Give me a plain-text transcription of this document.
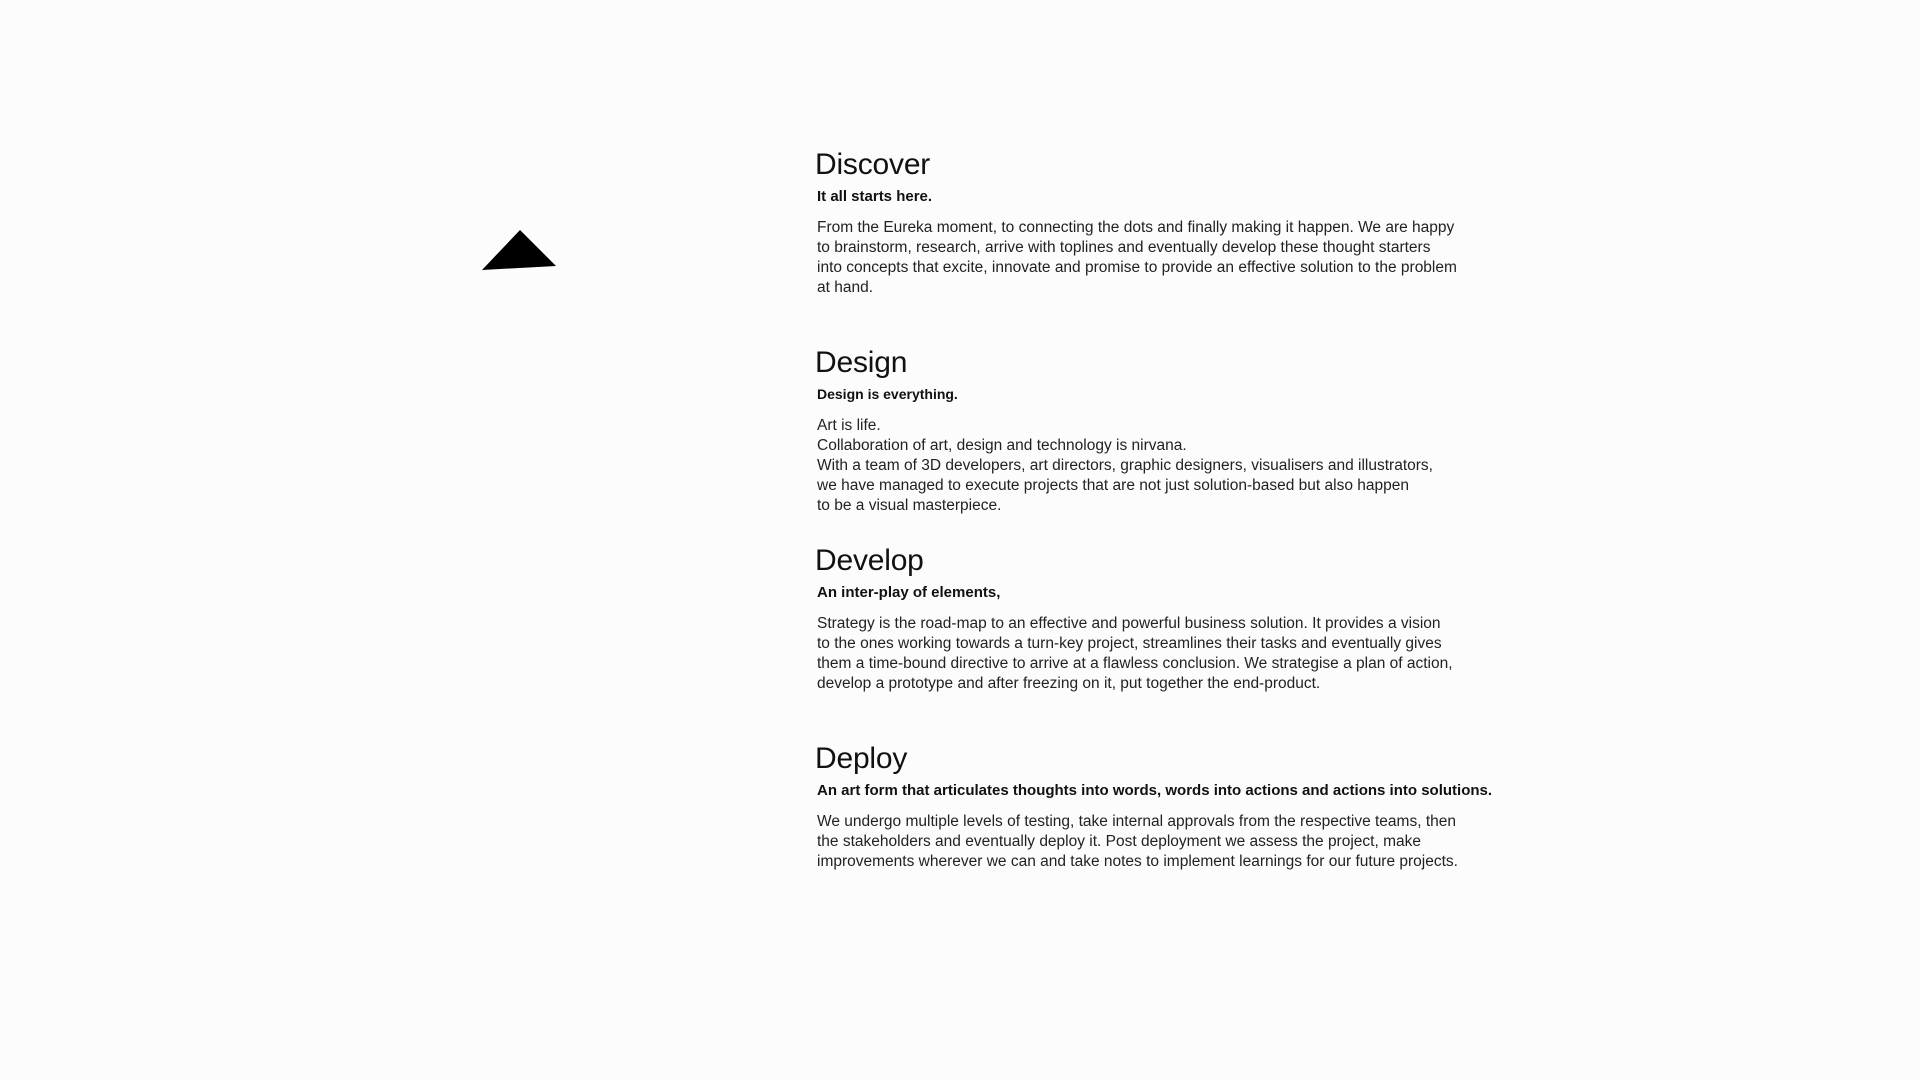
Discover
It all starts here.
From the Eureka moment, to connecting the dots and finally making it happen. We are happy
to brainstorm, research, arrive with toplines and eventually develop these thought starters
into concepts that excite, innovate and promise to provide an effective solution to the problem
at hand.
Design
Design is everything.
Art is life.
Collaboration of art, design and technology is nirvana.
With a team of 3D developers, art directors, graphic designers, visualisers and illustrators,
we have managed to execute projects that are not just solution-based but also happen
to be a visual masterpiece.
Develop
An inter-play of elements,
Strategy is the road-map to an effective and powerful business solution. It provides a vision
to the ones working towards a turn-key project, streamlines their tasks and eventually gives
them a time-bound directive to arrive at a flawless conclusion. We strategise a plan of action,
develop a prototype and after freezing on it, put together the end-product.
Deploy
An art form that articulates thoughts into words, words into actions and actions into solutions.
We undergo multiple levels of testing, take internal approvals from the respective teams, then
the stakeholders and eventually deploy it. Post deployment we assess the project, make
improvements wherever we can and take notes to implement learnings for our future projects.
